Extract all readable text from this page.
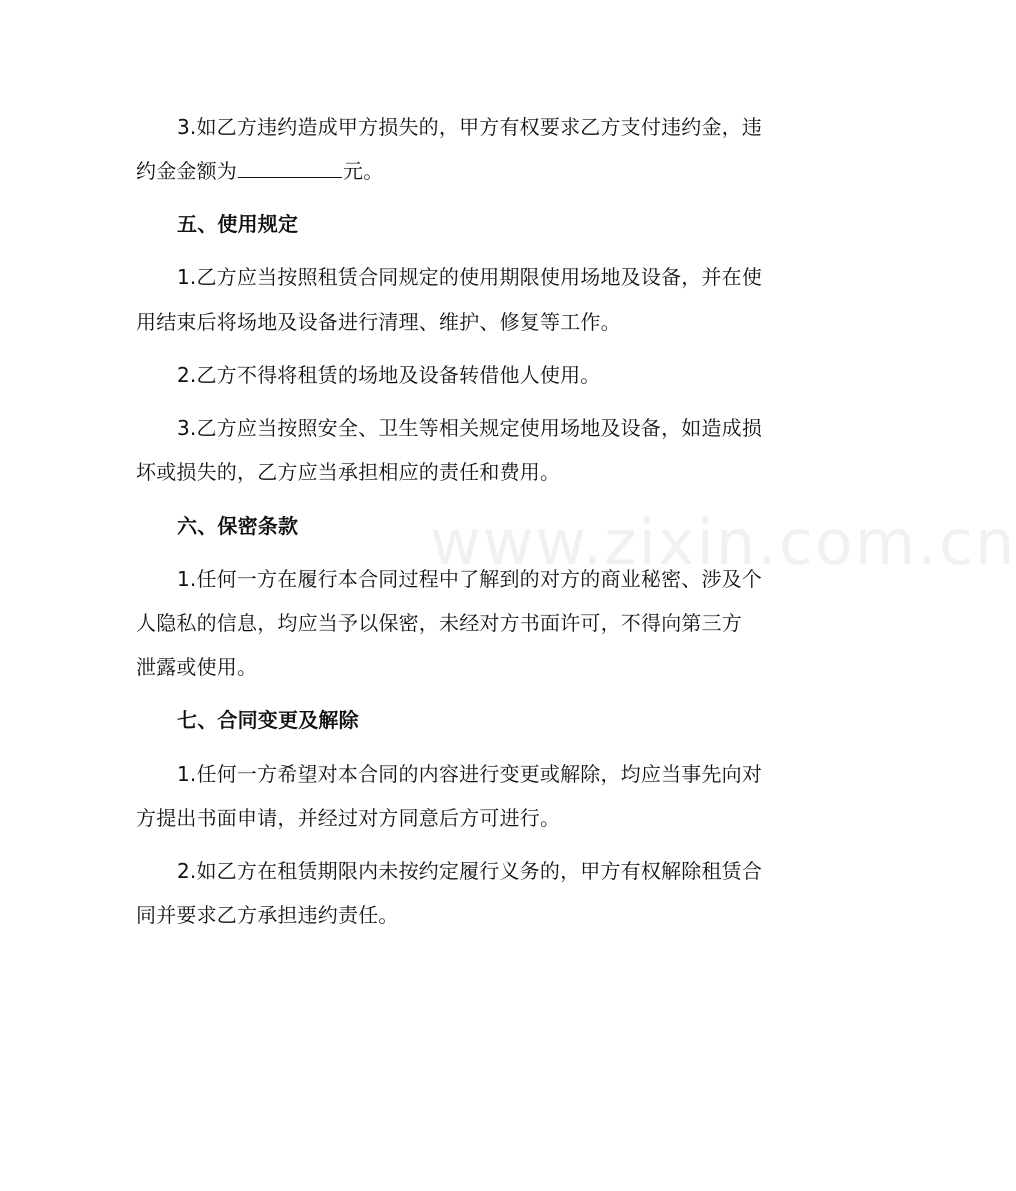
www.zixin.com.cn
3.如乙方违约造成甲方损失的，甲方有权要求乙方支付违约金，违
约金金额为	元。
五、使用规定
1.乙方应当按照租赁合同规定的使用期限使用场地及设备，并在使
用结束后将场地及设备进行清理、维护、修复等工作。
2.乙方不得将租赁的场地及设备转借他人使用。
3.乙方应当按照安全、卫生等相关规定使用场地及设备，如造成损
坏或损失的，乙方应当承担相应的责任和费用。
六、保密条款
1.任何一方在履行本合同过程中了解到的对方的商业秘密、涉及个
人隐私的信息，均应当予以保密，未经对方书面许可，不得向第三方
泄露或使用。
七、合同变更及解除
1.任何一方希望对本合同的内容进行变更或解除，均应当事先向对
方提出书面申请，并经过对方同意后方可进行。
2.如乙方在租赁期限内未按约定履行义务的，甲方有权解除租赁合
同并要求乙方承担违约责任。
